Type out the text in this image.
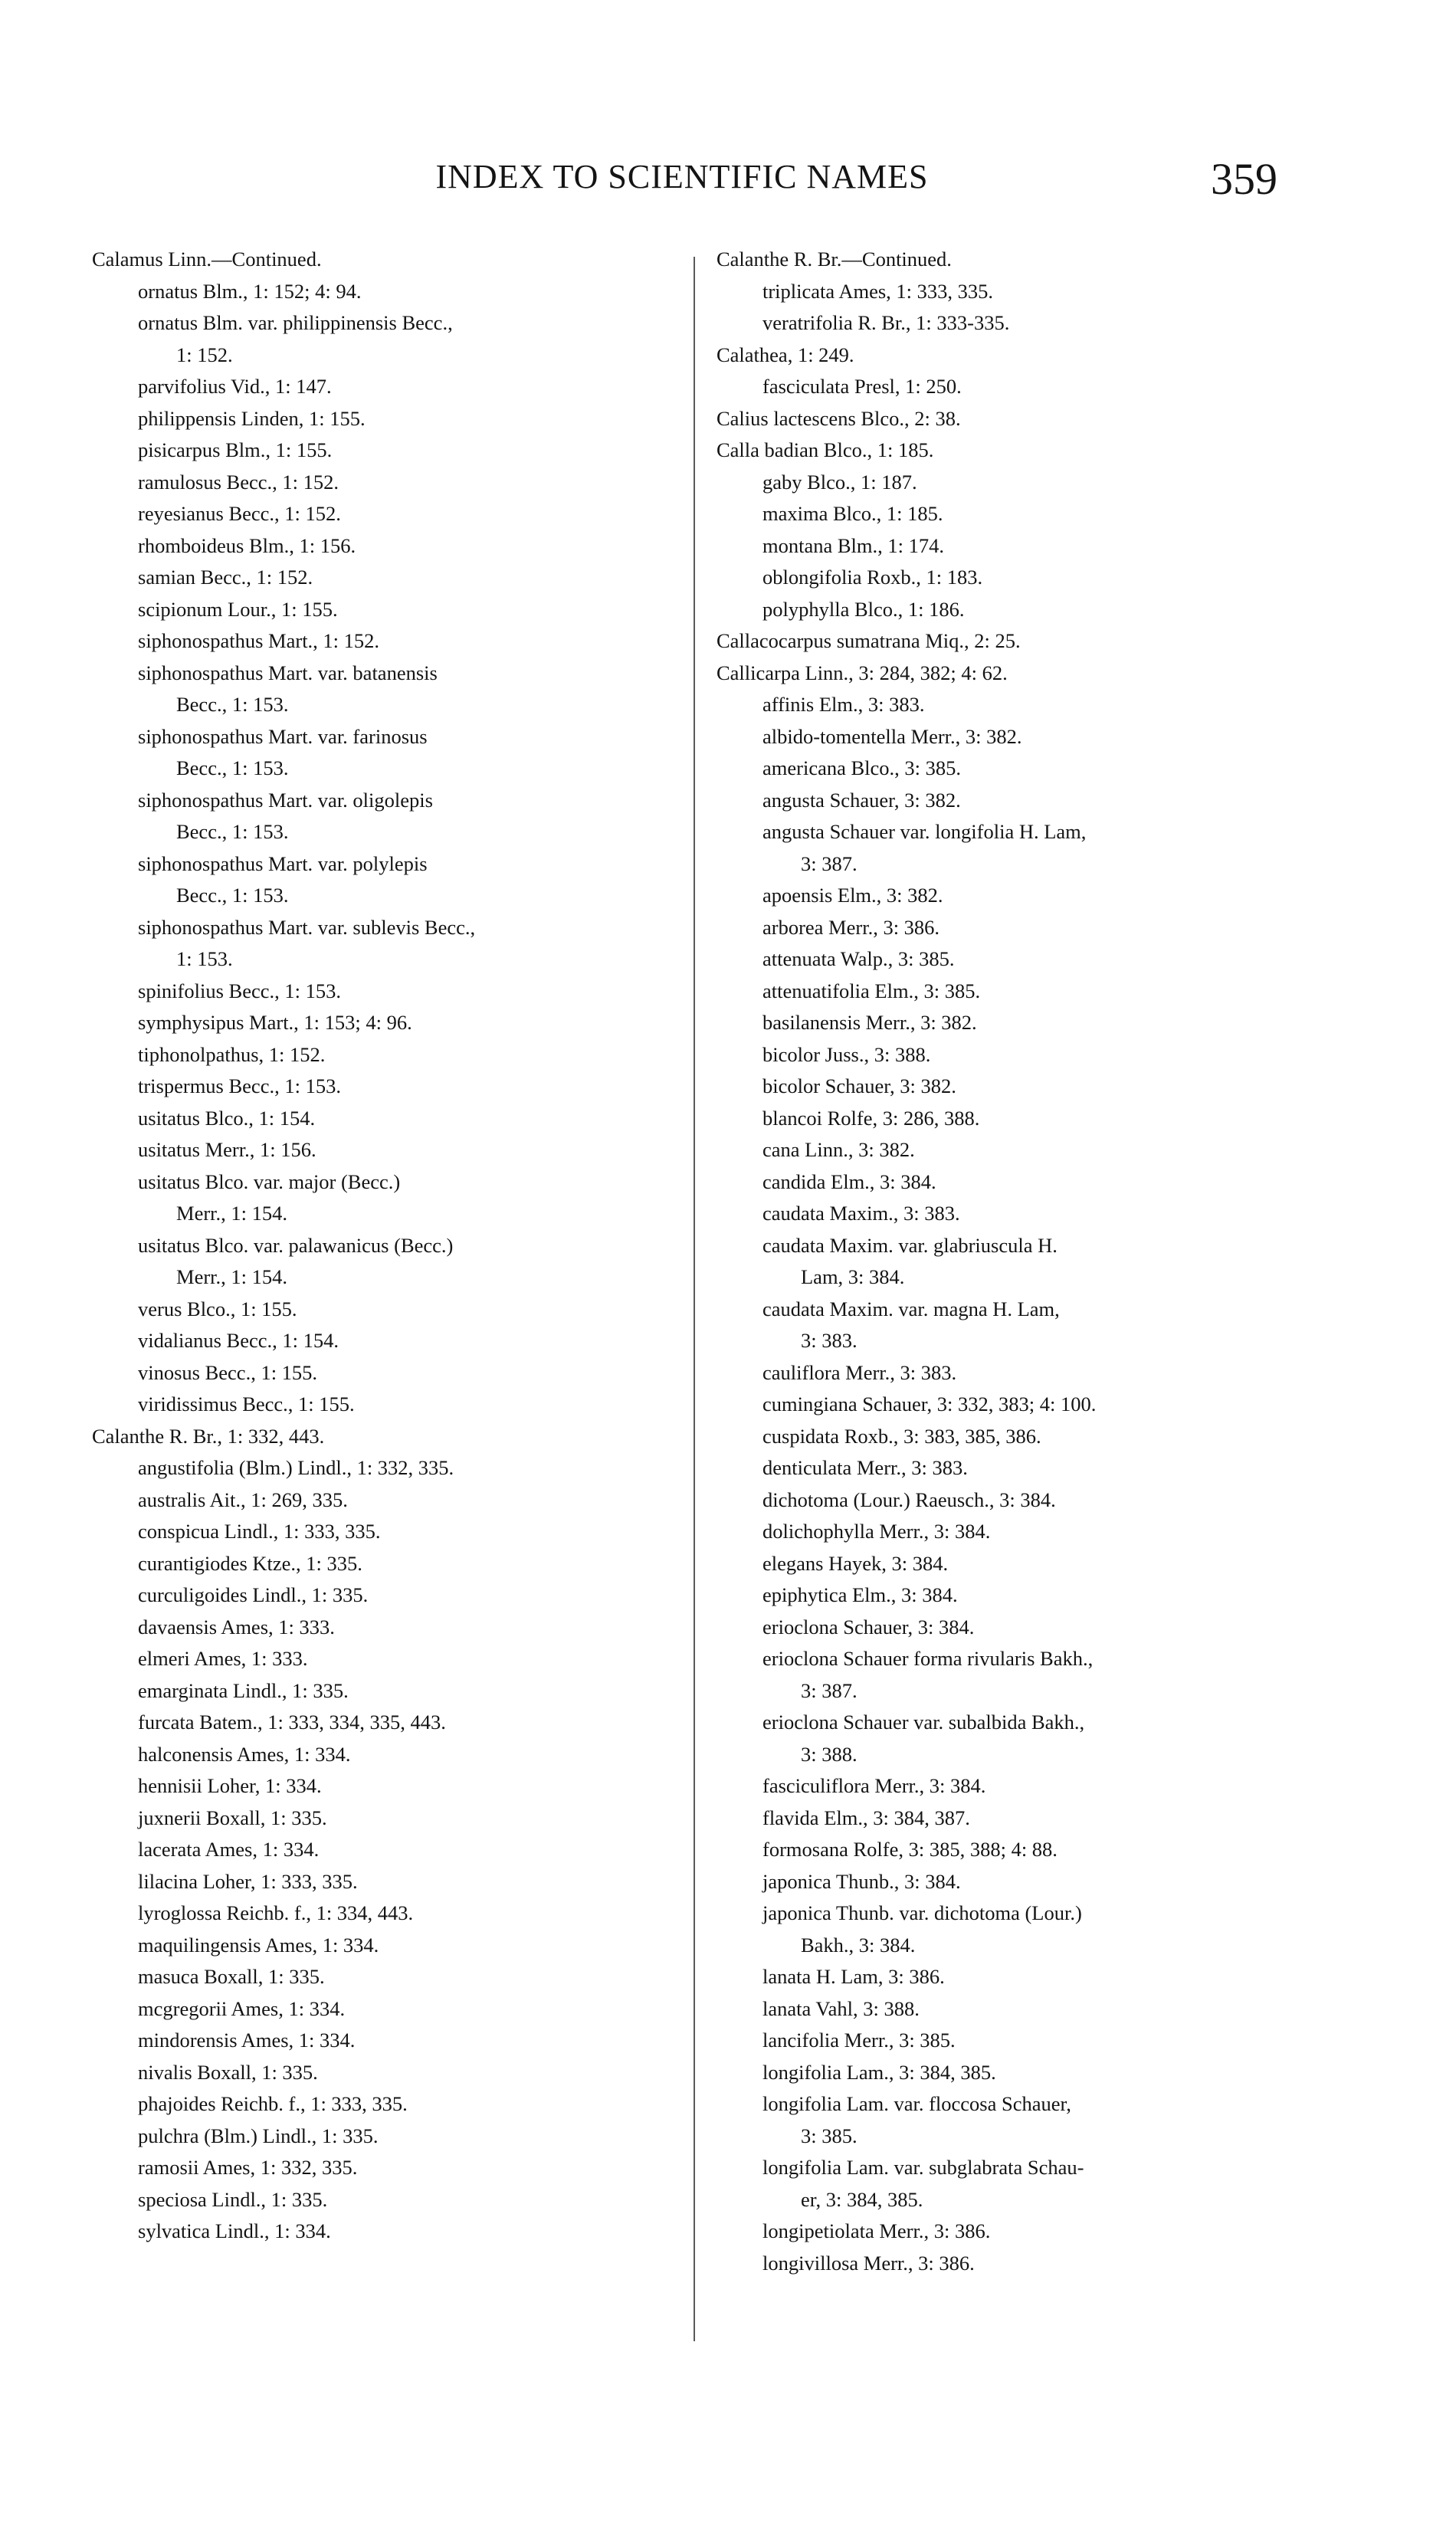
INDEX TO SCIENTIFIC NAMES	359
Calamus Linn.—Continued.
ornatus Blm., 1: 152; 4: 94.
ornatus Blm. var. philippinensis Becc.,
1: 152.
parvifolius Vid., 1: 147.
philippensis Linden, 1: 155.
pisicarpus Blm., 1: 155.
ramulosus Becc., 1: 152.
reyesianus Becc., 1: 152.
rhomboideus Blm., 1: 156.
samian Becc., 1: 152.
scipionum Lour., 1: 155.
siphonospathus Mart., 1: 152.
siphonospathus Mart. var. batanensis
Becc., 1: 153.
siphonospathus Mart. var. farinosus
Becc., 1: 153.
siphonospathus Mart. var. oligolepis
Becc., 1: 153.
siphonospathus Mart. var. polylepis
Becc., 1: 153.
siphonospathus Mart. var. sublevis Becc.,
1: 153.
spinifolius Becc., 1: 153.
symphysipus Mart., 1: 153; 4: 96.
tiphonolpathus, 1: 152.
trispermus Becc., 1: 153.
usitatus Blco., 1: 154.
usitatus Merr., 1: 156.
usitatus Blco. var. major (Becc.)
Merr., 1: 154.
usitatus Blco. var. palawanicus (Becc.)
Merr., 1: 154.
verus Blco., 1: 155.
vidalianus Becc., 1: 154.
vinosus Becc., 1: 155.
viridissimus Becc., 1: 155.
Calanthe R. Br., 1: 332, 443.
angustifolia (Blm.) Lindl., 1: 332, 335.
australis Ait., 1: 269, 335.
conspicua Lindl., 1: 333, 335.
curantigiodes Ktze., 1: 335.
curculigoides Lindl., 1: 335.
davaensis Ames, 1: 333.
elmeri Ames, 1: 333.
emarginata Lindl., 1: 335.
furcata Batem., 1: 333, 334, 335, 443.
halconensis Ames, 1: 334.
hennisii Loher, 1: 334.
juxnerii Boxall, 1: 335.
lacerata Ames, 1: 334.
lilacina Loher, 1: 333, 335.
lyroglossa Reichb. f., 1: 334, 443.
maquilingensis Ames, 1: 334.
masuca Boxall, 1: 335.
mcgregorii Ames, 1: 334.
mindorensis Ames, 1: 334.
nivalis Boxall, 1: 335.
phajoides Reichb. f., 1: 333, 335.
pulchra (Blm.) Lindl., 1: 335.
ramosii Ames, 1: 332, 335.
speciosa Lindl., 1: 335.
sylvatica Lindl., 1: 334.
Calanthe R. Br.—Continued.
triplicata Ames, 1: 333, 335.
veratrifolia R. Br., 1: 333-335.
Calathea, 1: 249.
fasciculata Presl, 1: 250.
Calius lactescens Blco., 2: 38.
Calla badian Blco., 1: 185.
gaby Blco., 1: 187.
maxima Blco., 1: 185.
montana Blm., 1: 174.
oblongifolia Roxb., 1: 183.
polyphylla Blco., 1: 186.
Callacocarpus sumatrana Miq., 2: 25.
Callicarpa Linn., 3: 284, 382; 4: 62.
affinis Elm., 3: 383.
albido-tomentella Merr., 3: 382.
americana Blco., 3: 385.
angusta Schauer, 3: 382.
angusta Schauer var. longifolia H. Lam,
3: 387.
apoensis Elm., 3: 382.
arborea Merr., 3: 386.
attenuata Walp., 3: 385.
attenuatifolia Elm., 3: 385.
basilanensis Merr., 3: 382.
bicolor Juss., 3: 388.
bicolor Schauer, 3: 382.
blancoi Rolfe, 3: 286, 388.
cana Linn., 3: 382.
candida Elm., 3: 384.
caudata Maxim., 3: 383.
caudata Maxim. var. glabriuscula H.
Lam, 3: 384.
caudata Maxim. var. magna H. Lam,
3: 383.
cauliflora Merr., 3: 383.
cumingiana Schauer, 3: 332, 383; 4: 100.
cuspidata Roxb., 3: 383, 385, 386.
denticulata Merr., 3: 383.
dichotoma (Lour.) Raeusch., 3: 384.
dolichophylla Merr., 3: 384.
elegans Hayek, 3: 384.
epiphytica Elm., 3: 384.
erioclona Schauer, 3: 384.
erioclona Schauer forma rivularis Bakh.,
3: 387.
erioclona Schauer var. subalbida Bakh.,
3: 388.
fasciculiflora Merr., 3: 384.
flavida Elm., 3: 384, 387.
formosana Rolfe, 3: 385, 388; 4: 88.
japonica Thunb., 3: 384.
japonica Thunb. var. dichotoma (Lour.)
Bakh., 3: 384.
lanata H. Lam, 3: 386.
lanata Vahl, 3: 388.
lancifolia Merr., 3: 385.
longifolia Lam., 3: 384, 385.
longifolia Lam. var. floccosa Schauer,
3: 385.
longifolia Lam. var. subglabrata Schau-
er, 3: 384, 385.
longipetiolata Merr., 3: 386.
longivillosa Merr., 3: 386.
